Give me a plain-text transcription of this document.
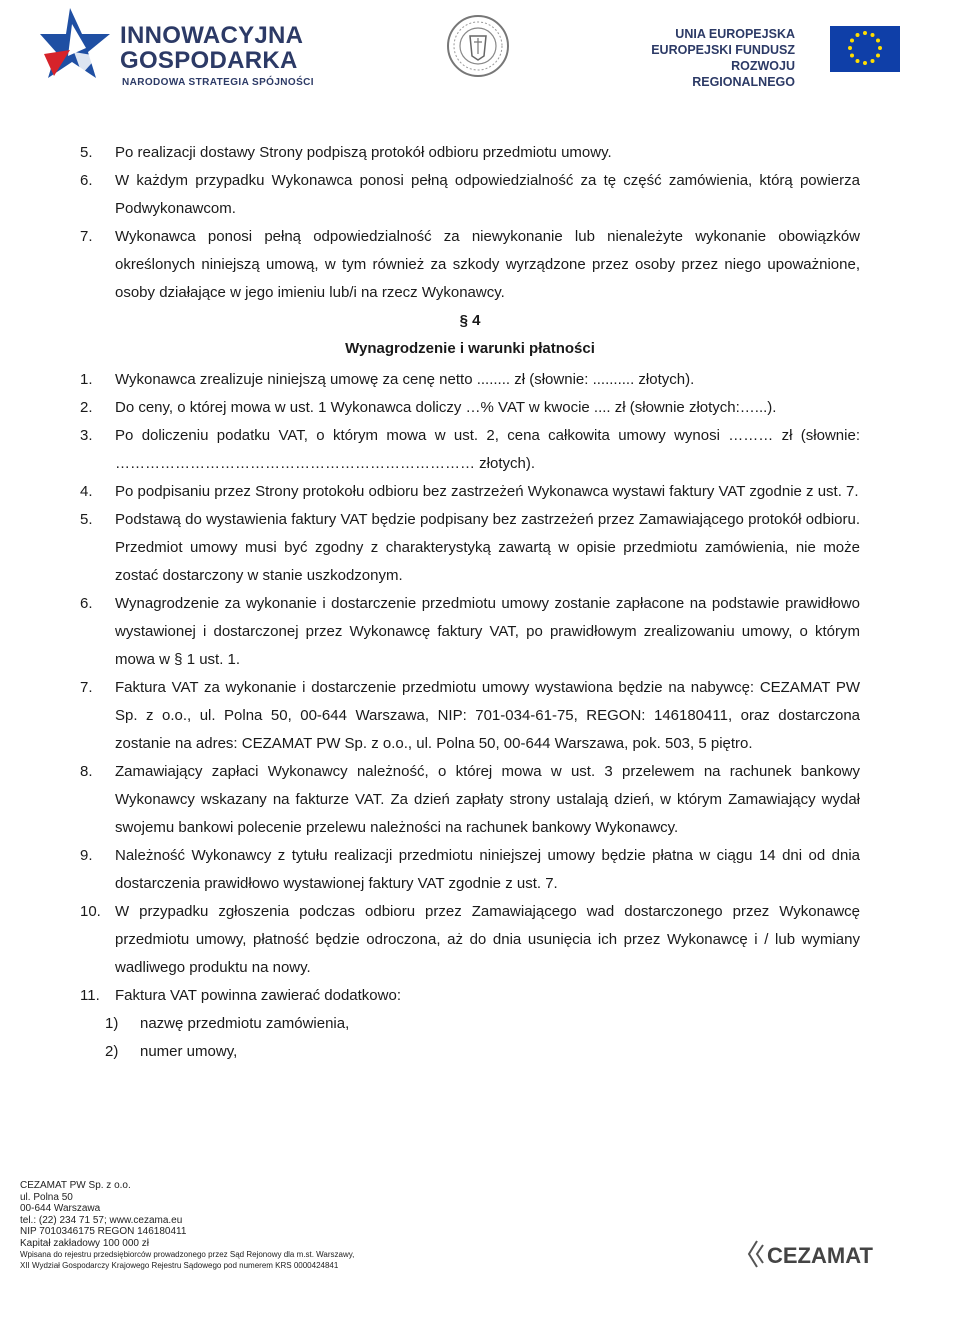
INNOWACYJNA
GOSPODARKA
NARODOWA STRATEGIA SPÓJNOŚCI
UNIA EUROPEJSKA
EUROPEJSKI FUNDUSZ
ROZWOJU REGIONALNEGO
5. Po realizacji dostawy Strony podpiszą protokół odbioru przedmiotu umowy.
6. W każdym przypadku Wykonawca ponosi pełną odpowiedzialność za tę część zamówienia, którą powierza Podwykonawcom.
7. Wykonawca ponosi pełną odpowiedzialność za niewykonanie lub nienależyte wykonanie obowiązków określonych niniejszą umową, w tym również za szkody wyrządzone przez osoby przez niego upoważnione, osoby działające w jego imieniu lub/i na rzecz Wykonawcy.
§ 4
Wynagrodzenie i warunki płatności
1. Wykonawca zrealizuje niniejszą umowę za cenę netto ........ zł (słownie: .......... złotych).
2. Do ceny, o której mowa w ust. 1 Wykonawca doliczy …% VAT w kwocie .... zł (słownie złotych:…...).
3. Po doliczeniu podatku VAT, o którym mowa w ust. 2, cena całkowita umowy wynosi ……… zł (słownie: ……………………………………………………………… złotych).
4. Po podpisaniu przez Strony protokołu odbioru bez zastrzeżeń Wykonawca wystawi faktury VAT zgodnie z ust. 7.
5. Podstawą do wystawienia faktury VAT będzie podpisany bez zastrzeżeń przez Zamawiającego protokół odbioru. Przedmiot umowy musi być zgodny z charakterystyką zawartą w opisie przedmiotu zamówienia, nie może zostać dostarczony w stanie uszkodzonym.
6. Wynagrodzenie za wykonanie i dostarczenie przedmiotu umowy zostanie zapłacone na podstawie prawidłowo wystawionej i dostarczonej przez Wykonawcę faktury VAT, po prawidłowym zrealizowaniu umowy, o którym mowa w § 1 ust. 1.
7. Faktura VAT za wykonanie i dostarczenie przedmiotu umowy wystawiona będzie na nabywcę: CEZAMAT PW Sp. z o.o., ul. Polna 50, 00-644 Warszawa, NIP: 701-034-61-75, REGON: 146180411, oraz dostarczona zostanie na adres: CEZAMAT PW Sp. z o.o., ul. Polna 50, 00-644 Warszawa, pok. 503, 5 piętro.
8. Zamawiający zapłaci Wykonawcy należność, o której mowa w ust. 3 przelewem na rachunek bankowy Wykonawcy wskazany na fakturze VAT. Za dzień zapłaty strony ustalają dzień, w którym Zamawiający wydał swojemu bankowi polecenie przelewu należności na rachunek bankowy Wykonawcy.
9. Należność Wykonawcy z tytułu realizacji przedmiotu niniejszej umowy będzie płatna w ciągu 14 dni od dnia dostarczenia prawidłowo wystawionej faktury VAT zgodnie z ust. 7.
10. W przypadku zgłoszenia podczas odbioru przez Zamawiającego wad dostarczonego przez Wykonawcę przedmiotu umowy, płatność będzie odroczona, aż do dnia usunięcia ich przez Wykonawcę i / lub wymiany wadliwego produktu na nowy.
11. Faktura VAT powinna zawierać dodatkowo:
1) nazwę przedmiotu zamówienia,
2) numer umowy,
CEZAMAT PW Sp. z o.o.
ul. Polna 50
00-644 Warszawa
tel.: (22) 234 71 57; www.cezama.eu
NIP 7010346175 REGON 146180411
Kapitał zakładowy 100 000 zł
Wpisana do rejestru przedsiębiorców prowadzonego przez Sąd Rejonowy dla m.st. Warszawy,
XII Wydział Gospodarczy Krajowego Rejestru Sądowego pod numerem KRS 0000424841	CEZAMAT
